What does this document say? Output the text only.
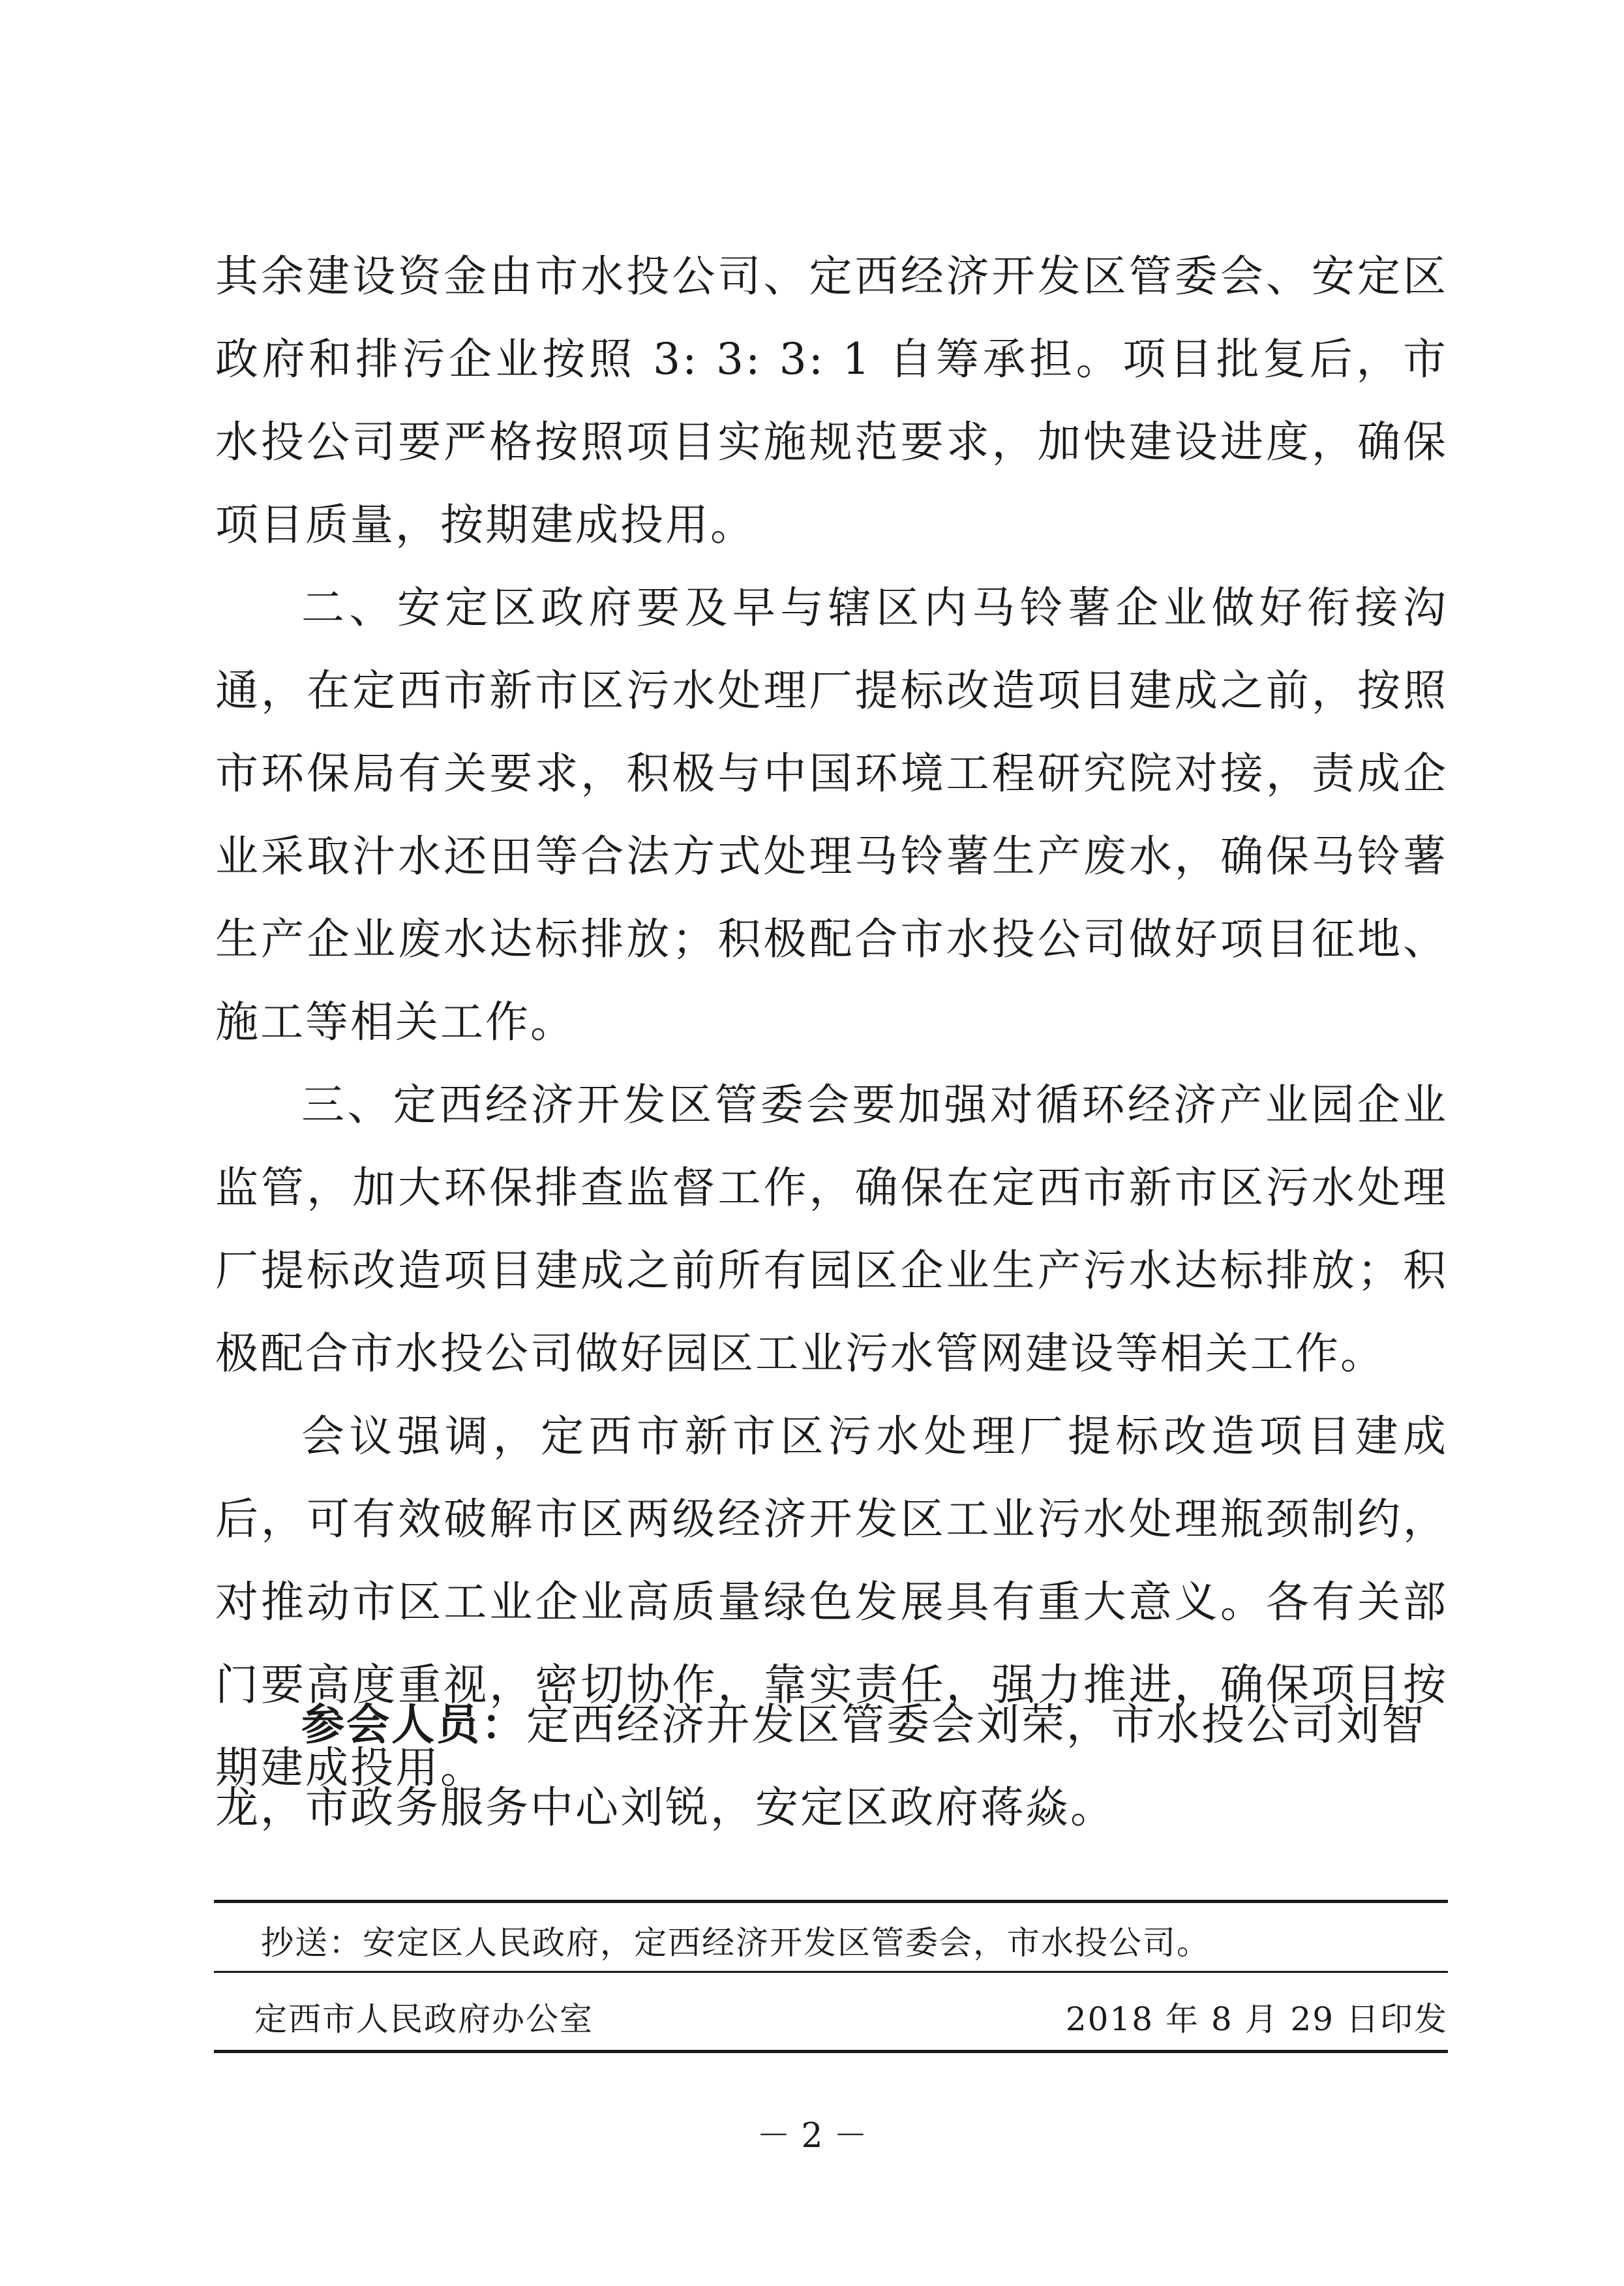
其余建设资金由市水投公司、定西经济开发区管委会、安定区政府和排污企业按照 3: 3: 3: 1 自筹承担。项目批复后，市水投公司要严格按照项目实施规范要求，加快建设进度，确保项目质量，按期建成投用。

二、安定区政府要及早与辖区内马铃薯企业做好衔接沟通，在定西市新市区污水处理厂提标改造项目建成之前，按照市环保局有关要求，积极与中国环境工程研究院对接，责成企业采取汁水还田等合法方式处理马铃薯生产废水，确保马铃薯生产企业废水达标排放；积极配合市水投公司做好项目征地、施工等相关工作。

三、定西经济开发区管委会要加强对循环经济产业园企业监管，加大环保排查监督工作，确保在定西市新市区污水处理厂提标改造项目建成之前所有园区企业生产污水达标排放；积极配合市水投公司做好园区工业污水管网建设等相关工作。

会议强调，定西市新市区污水处理厂提标改造项目建成后，可有效破解市区两级经济开发区工业污水处理瓶颈制约，对推动市区工业企业高质量绿色发展具有重大意义。各有关部门要高度重视，密切协作，靠实责任，强力推进，确保项目按期建成投用。

参会人员：定西经济开发区管委会刘荣，市水投公司刘智龙，市政务服务中心刘锐，安定区政府蒋焱。

抄送：安定区人民政府，定西经济开发区管委会，市水投公司。
定西市人民政府办公室	2018 年 8 月 29 日印发
－ 2 －
